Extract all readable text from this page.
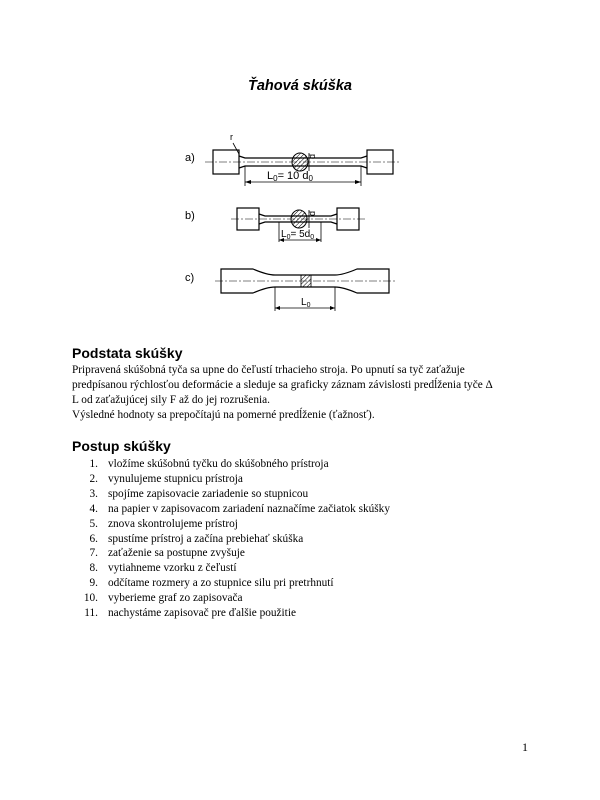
Ťahová skúška
a)	d
r
L0= 10 d0
b)	d
$L_0= 5d_0$
c)
$L_0$
Podstata skúšky
Pripravená skúšobná tyča sa upne do čeľustí trhacieho stroja. Po upnutí sa tyč zaťažuje
predpísanou rýchlosťou deformácie a sleduje sa graficky záznam závislosti predĺženia tyče Δ
L od zaťažujúcej sily F až do jej rozrušenia.
Výsledné hodnoty sa prepočítajú na pomerné predĺženie (ťažnosť).
Postup skúšky
1. vložíme skúšobnú tyčku do skúšobného prístroja
2. vynulujeme stupnicu prístroja
3. spojíme zapisovacie zariadenie so stupnicou
4. na papier v zapisovacom zariadení naznačíme začiatok skúšky
5. znova skontrolujeme prístroj
6. spustíme prístroj a začína prebiehať skúška
7. zaťaženie sa postupne zvyšuje
8. vytiahneme vzorku z čeľustí
9. odčítame rozmery a zo stupnice silu pri pretrhnutí
10. vyberieme graf zo zapisovača
11. nachystáme zapisovač pre ďalšie použitie
1
